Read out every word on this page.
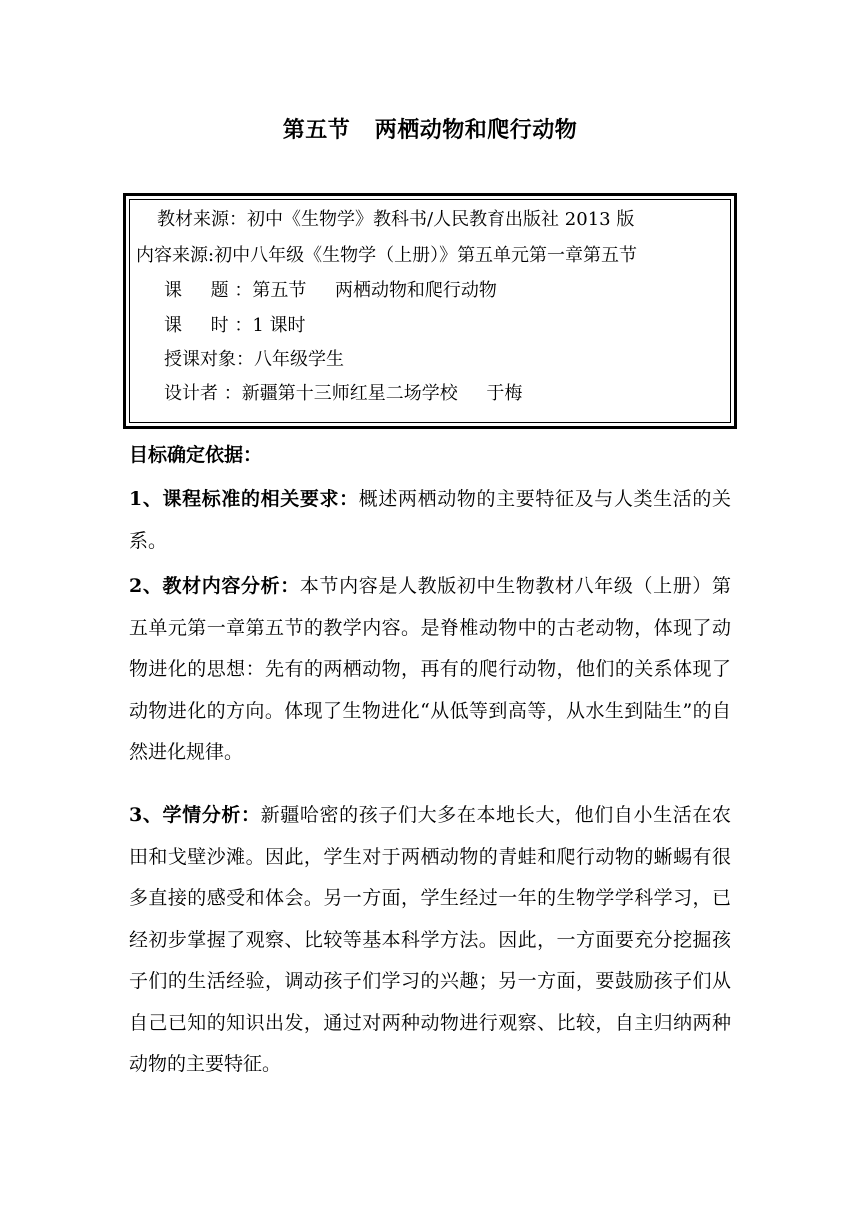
第五节   两栖动物和爬行动物
教材来源：初中《生物学》教科书/人民教育出版社 2013 版
内容来源:初中八年级《生物学（上册）》第五单元第一章第五节
课     题 ：第五节     两栖动物和爬行动物
课     时 ：1 课时
授课对象：八年级学生
设计者 ：新疆第十三师红星二场学校     于梅
目标确定依据：
1、课程标准的相关要求：概述两栖动物的主要特征及与人类生活的关系。
2、教材内容分析：本节内容是人教版初中生物教材八年级（上册）第五单元第一章第五节的教学内容。是脊椎动物中的古老动物，体现了动物进化的思想：先有的两栖动物，再有的爬行动物，他们的关系体现了动物进化的方向。体现了生物进化“从低等到高等，从水生到陆生”的自然进化规律。
3、学情分析：新疆哈密的孩子们大多在本地长大，他们自小生活在农田和戈壁沙滩。因此，学生对于两栖动物的青蛙和爬行动物的蜥蜴有很多直接的感受和体会。另一方面，学生经过一年的生物学学科学习，已经初步掌握了观察、比较等基本科学方法。因此，一方面要充分挖掘孩子们的生活经验，调动孩子们学习的兴趣；另一方面，要鼓励孩子们从自己已知的知识出发，通过对两种动物进行观察、比较，自主归纳两种动物的主要特征。
